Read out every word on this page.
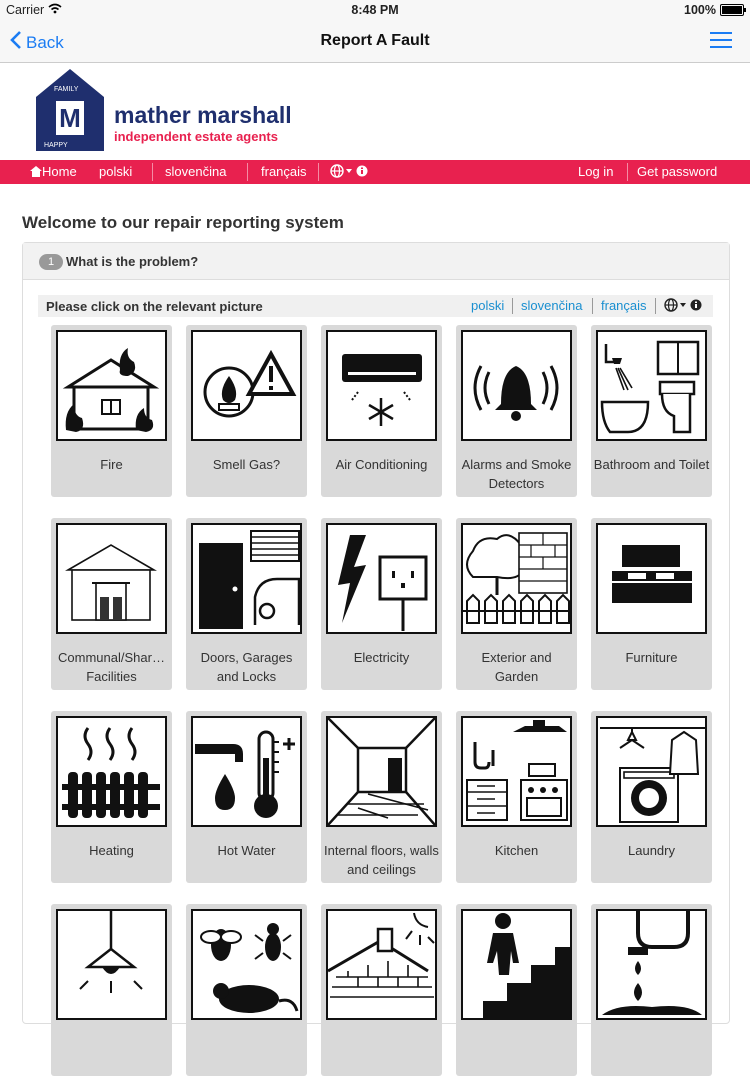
Carrier	8:48 PM	100%
Back	Report A Fault
M
FAMILY
HAPPY
mather marshall
independent estate agents
Home polski	slovenčina	français	Log in Get password
Welcome to our repair reporting system
1 What is the problem?
Please click on the relevant picture	polski slovenčina français
Fire	Smell Gas?	Air Conditioning	Alarms and Smoke Detectors
Bathroom and Toilet
Communal/Shar… Facilities
Doors, Garages and Locks
Electricity	Exterior and Garden
Furniture
Heating	Hot Water	Internal floors, walls and ceilings
Kitchen	Laundry
